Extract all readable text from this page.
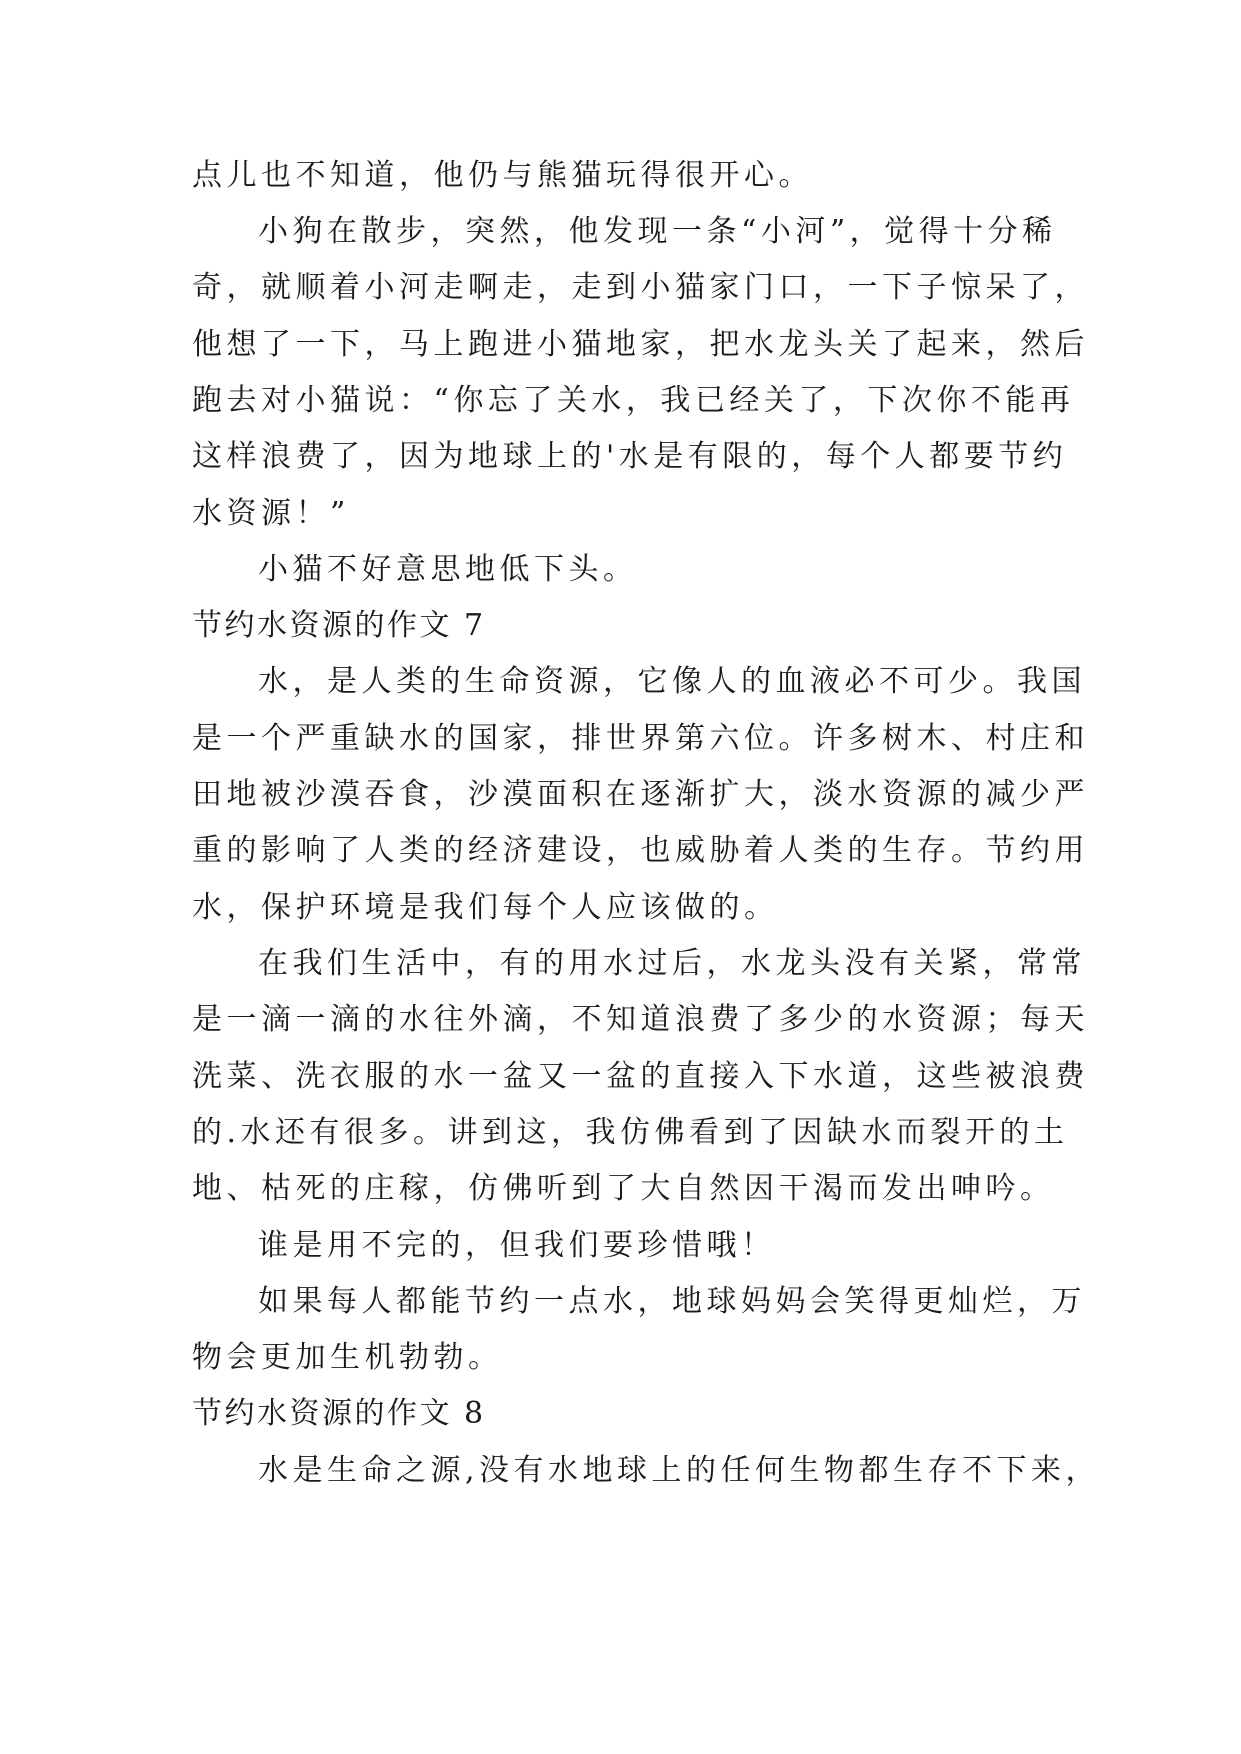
点儿也不知道，他仍与熊猫玩得很开心。
小狗在散步，突然，他发现一条“小河”，觉得十分稀
奇，就顺着小河走啊走，走到小猫家门口，一下子惊呆了，
他想了一下，马上跑进小猫地家，把水龙头关了起来，然后
跑去对小猫说：“你忘了关水，我已经关了，下次你不能再
这样浪费了，因为地球上的'水是有限的，每个人都要节约
水资源！”
小猫不好意思地低下头。
节约水资源的作文 7
水，是人类的生命资源，它像人的血液必不可少。我国
是一个严重缺水的国家，排世界第六位。许多树木、村庄和
田地被沙漠吞食，沙漠面积在逐渐扩大，淡水资源的减少严
重的影响了人类的经济建设，也威胁着人类的生存。节约用
水，保护环境是我们每个人应该做的。
在我们生活中，有的用水过后，水龙头没有关紧，常常
是一滴一滴的水往外滴，不知道浪费了多少的水资源；每天
洗菜、洗衣服的水一盆又一盆的直接入下水道，这些被浪费
的.水还有很多。讲到这，我仿佛看到了因缺水而裂开的土
地、枯死的庄稼，仿佛听到了大自然因干渴而发出呻吟。
谁是用不完的，但我们要珍惜哦！
如果每人都能节约一点水，地球妈妈会笑得更灿烂，万
物会更加生机勃勃。
节约水资源的作文 8
水是生命之源,没有水地球上的任何生物都生存不下来，
